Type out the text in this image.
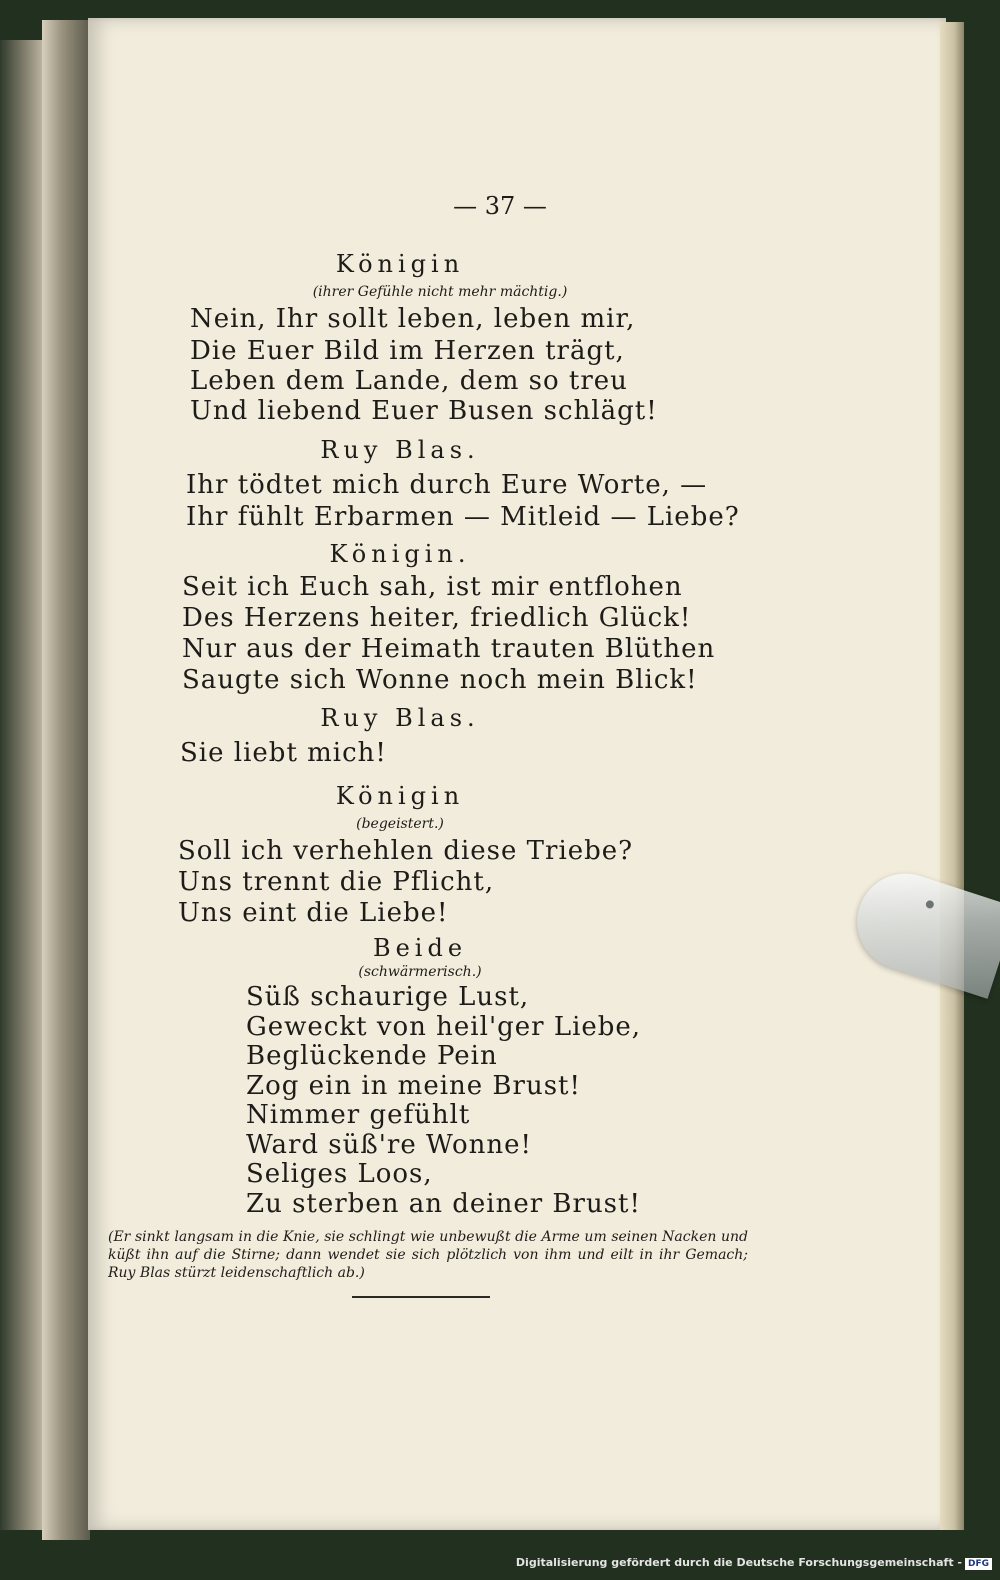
— 37 —
Königin
(ihrer Gefühle nicht mehr mächtig.)
Nein, Ihr sollt leben, leben mir,
Die Euer Bild im Herzen trägt,
Leben dem Lande, dem so treu
Und liebend Euer Busen schlägt!
Ruy Blas.
Ihr tödtet mich durch Eure Worte, —
Ihr fühlt Erbarmen — Mitleid — Liebe?
Königin.
Seit ich Euch sah, ist mir entflohen
Des Herzens heiter, friedlich Glück!
Nur aus der Heimath trauten Blüthen
Saugte sich Wonne noch mein Blick!
Ruy Blas.
Sie liebt mich!
Königin
(begeistert.)
Soll ich verhehlen diese Triebe?
Uns trennt die Pflicht,
Uns eint die Liebe!
Beide
(schwärmerisch.)
Süß schaurige Lust,
Geweckt von heil'ger Liebe,
Beglückende Pein
Zog ein in meine Brust!
Nimmer gefühlt
Ward süß're Wonne!
Seliges Loos,
Zu sterben an deiner Brust!
(Er sinkt langsam in die Knie, sie schlingt wie unbewußt die Arme um seinen Nacken und küßt ihn auf die Stirne; dann wendet sie sich plötzlich von ihm und eilt in ihr Gemach; Ruy Blas stürzt leidenschaftlich ab.)
Digitalisierung gefördert durch die Deutsche Forschungsgemeinschaft - DFG
